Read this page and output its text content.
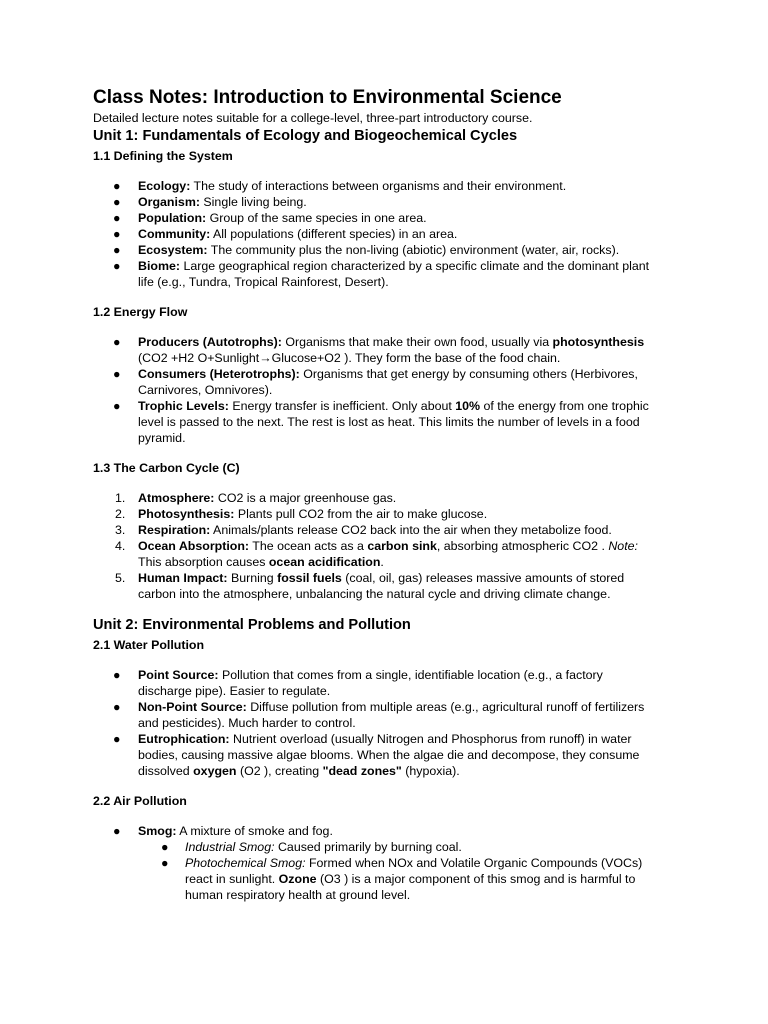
Class Notes: Introduction to Environmental Science

Detailed lecture notes suitable for a college-level, three-part introductory course.

Unit 1: Fundamentals of Ecology and Biogeochemical Cycles
1.1 Defining the System
● Ecology: The study of interactions between organisms and their environment.
● Organism: Single living being.
● Population: Group of the same species in one area.
● Community: All populations (different species) in an area.
● Ecosystem: The community plus the non-living (abiotic) environment (water, air, rocks).
● Biome: Large geographical region characterized by a specific climate and the dominant plant
life (e.g., Tundra, Tropical Rainforest, Desert).
1.2 Energy Flow
● Producers (Autotrophs): Organisms that make their own food, usually via photosynthesis
(CO2 +H2 O+Sunlight→Glucose+O2 ). They form the base of the food chain.
● Consumers (Heterotrophs): Organisms that get energy by consuming others (Herbivores,
Carnivores, Omnivores).
● Trophic Levels: Energy transfer is inefficient. Only about 10% of the energy from one trophic
level is passed to the next. The rest is lost as heat. This limits the number of levels in a food
pyramid.
1.3 The Carbon Cycle (C)
1. Atmosphere: CO2 is a major greenhouse gas.
2. Photosynthesis: Plants pull CO2 from the air to make glucose.
3. Respiration: Animals/plants release CO2 back into the air when they metabolize food.
4. Ocean Absorption: The ocean acts as a carbon sink, absorbing atmospheric CO2 . Note:
This absorption causes ocean acidification.
5. Human Impact: Burning fossil fuels (coal, oil, gas) releases massive amounts of stored
carbon into the atmosphere, unbalancing the natural cycle and driving climate change.
Unit 2: Environmental Problems and Pollution
2.1 Water Pollution
● Point Source: Pollution that comes from a single, identifiable location (e.g., a factory
discharge pipe). Easier to regulate.
● Non-Point Source: Diffuse pollution from multiple areas (e.g., agricultural runoff of fertilizers
and pesticides). Much harder to control.
● Eutrophication: Nutrient overload (usually Nitrogen and Phosphorus from runoff) in water
bodies, causing massive algae blooms. When the algae die and decompose, they consume
dissolved oxygen (O2 ), creating "dead zones" (hypoxia).
2.2 Air Pollution
● Smog: A mixture of smoke and fog.
● Industrial Smog: Caused primarily by burning coal.
● Photochemical Smog: Formed when NOx and Volatile Organic Compounds (VOCs)
react in sunlight. Ozone (O3 ) is a major component of this smog and is harmful to
human respiratory health at ground level.
